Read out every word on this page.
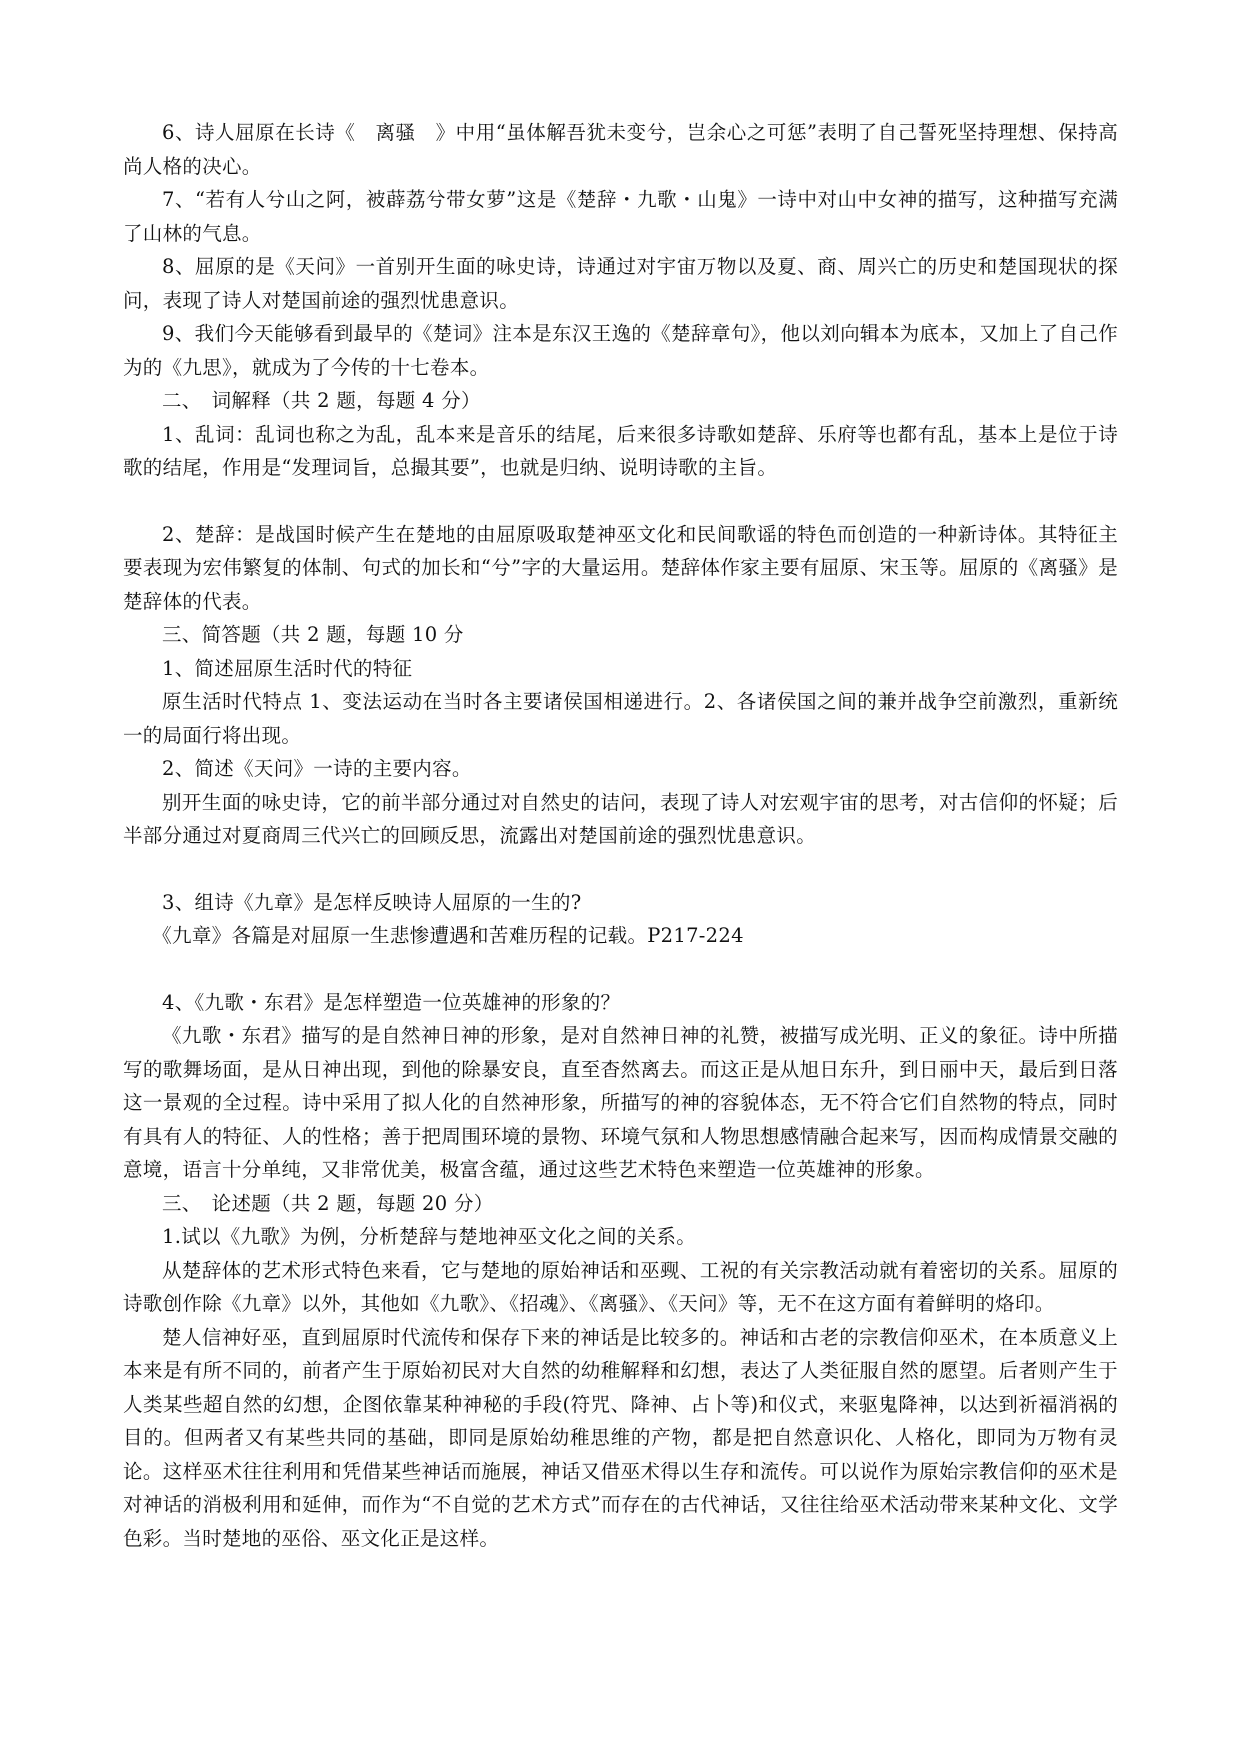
6、诗人屈原在长诗《　离骚　》中用“虽体解吾犹未变兮，岂余心之可惩”表明了自己誓死坚持理想、保持高尚人格的决心。

7、“若有人兮山之阿，被薜荔兮带女萝”这是《楚辞・九歌・山鬼》一诗中对山中女神的描写，这种描写充满了山林的气息。

8、屈原的是《天问》一首别开生面的咏史诗，诗通过对宇宙万物以及夏、商、周兴亡的历史和楚国现状的探问，表现了诗人对楚国前途的强烈忧患意识。

9、我们今天能够看到最早的《楚词》注本是东汉王逸的《楚辞章句》，他以刘向辑本为底本，又加上了自己作为的《九思》，就成为了今传的十七卷本。

二、　词解释（共 2 题，每题 4 分）

1、乱词：乱词也称之为乱，乱本来是音乐的结尾，后来很多诗歌如楚辞、乐府等也都有乱，基本上是位于诗歌的结尾，作用是“发理词旨，总撮其要”，也就是归纳、说明诗歌的主旨。

2、楚辞：是战国时候产生在楚地的由屈原吸取楚神巫文化和民间歌谣的特色而创造的一种新诗体。其特征主要表现为宏伟繁复的体制、句式的加长和“兮”字的大量运用。楚辞体作家主要有屈原、宋玉等。屈原的《离骚》是楚辞体的代表。

三、简答题（共 2 题，每题 10 分

1、简述屈原生活时代的特征

原生活时代特点 1、变法运动在当时各主要诸侯国相递进行。2、各诸侯国之间的兼并战争空前激烈，重新统一的局面行将出现。

2、简述《天问》一诗的主要内容。

别开生面的咏史诗，它的前半部分通过对自然史的诘问，表现了诗人对宏观宇宙的思考，对古信仰的怀疑；后半部分通过对夏商周三代兴亡的回顾反思，流露出对楚国前途的强烈忧患意识。

3、组诗《九章》是怎样反映诗人屈原的一生的?

《九章》各篇是对屈原一生悲惨遭遇和苦难历程的记载。P217-224

4、《九歌・东君》是怎样塑造一位英雄神的形象的？

《九歌・东君》描写的是自然神日神的形象，是对自然神日神的礼赞，被描写成光明、正义的象征。诗中所描写的歌舞场面，是从日神出现，到他的除暴安良，直至杳然离去。而这正是从旭日东升，到日丽中天，最后到日落这一景观的全过程。诗中采用了拟人化的自然神形象，所描写的神的容貌体态，无不符合它们自然物的特点，同时有具有人的特征、人的性格；善于把周围环境的景物、环境气氛和人物思想感情融合起来写，因而构成情景交融的意境，语言十分单纯，又非常优美，极富含蕴，通过这些艺术特色来塑造一位英雄神的形象。

三、　论述题（共 2 题，每题 20 分）

1.试以《九歌》为例，分析楚辞与楚地神巫文化之间的关系。

从楚辞体的艺术形式特色来看，它与楚地的原始神话和巫觋、工祝的有关宗教活动就有着密切的关系。屈原的诗歌创作除《九章》以外，其他如《九歌》、《招魂》、《离骚》、《天问》等，无不在这方面有着鲜明的烙印。

楚人信神好巫，直到屈原时代流传和保存下来的神话是比较多的。神话和古老的宗教信仰巫术，在本质意义上本来是有所不同的，前者产生于原始初民对大自然的幼稚解释和幻想，表达了人类征服自然的愿望。后者则产生于人类某些超自然的幻想，企图依靠某种神秘的手段(符咒、降神、占卜等)和仪式，来驱鬼降神，以达到祈福消祸的目的。但两者又有某些共同的基础，即同是原始幼稚思维的产物，都是把自然意识化、人格化，即同为万物有灵论。这样巫术往往利用和凭借某些神话而施展，神话又借巫术得以生存和流传。可以说作为原始宗教信仰的巫术是对神话的消极利用和延伸，而作为“不自觉的艺术方式”而存在的古代神话，又往往给巫术活动带来某种文化、文学色彩。当时楚地的巫俗、巫文化正是这样。
